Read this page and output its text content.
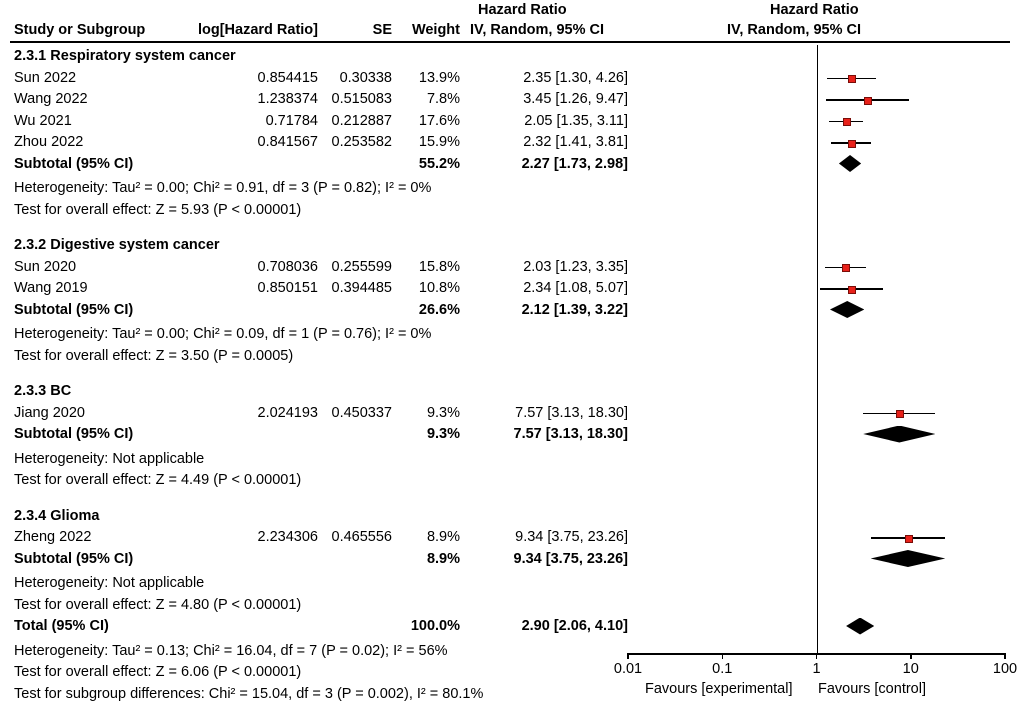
Hazard Ratio
IV, Random, 95% CI
Hazard Ratio
IV, Random, 95% CI
Study or Subgroup	log[Hazard Ratio]	SE Weight
2.3.1 Respiratory system cancer
Sun 2022	0.854415 0.30338 13.9%	2.35 [1.30, 4.26]
Wang 2022	1.238374 0.515083 7.8%	3.45 [1.26, 9.47]
Wu 2021	0.71784 0.212887 17.6%	2.05 [1.35, 3.11]
Zhou 2022	0.841567 0.253582 15.9%	2.32 [1.41, 3.81]
Subtotal (95% CI)	55.2%	2.27 [1.73, 2.98]
Heterogeneity: Tau² = 0.00; Chi² = 0.91, df = 3 (P = 0.82); I² = 0%
Test for overall effect: Z = 5.93 (P < 0.00001)
2.3.2 Digestive system cancer
Sun 2020	0.708036 0.255599 15.8%	2.03 [1.23, 3.35]
Wang 2019	0.850151 0.394485 10.8%	2.34 [1.08, 5.07]
Subtotal (95% CI)	26.6%	2.12 [1.39, 3.22]
Heterogeneity: Tau² = 0.00; Chi² = 0.09, df = 1 (P = 0.76); I² = 0%
Test for overall effect: Z = 3.50 (P = 0.0005)
2.3.3 BC
Jiang 2020	2.024193 0.450337 9.3%	7.57 [3.13, 18.30]
Subtotal (95% CI)	9.3%	7.57 [3.13, 18.30]
Heterogeneity: Not applicable
Test for overall effect: Z = 4.49 (P < 0.00001)
2.3.4 Glioma
Zheng 2022	2.234306 0.465556 8.9%	9.34 [3.75, 23.26]
Subtotal (95% CI)	8.9%	9.34 [3.75, 23.26]
Heterogeneity: Not applicable
Test for overall effect: Z = 4.80 (P < 0.00001)
Total (95% CI)	100.0%	2.90 [2.06, 4.10]
Heterogeneity: Tau² = 0.13; Chi² = 16.04, df = 7 (P = 0.02); I² = 56%
Test for overall effect: Z = 6.06 (P < 0.00001)
Test for subgroup differences: Chi² = 15.04, df = 3 (P = 0.002), I² = 80.1%
0.01	0.1	1	10	100
Favours [experimental] Favours [control]
